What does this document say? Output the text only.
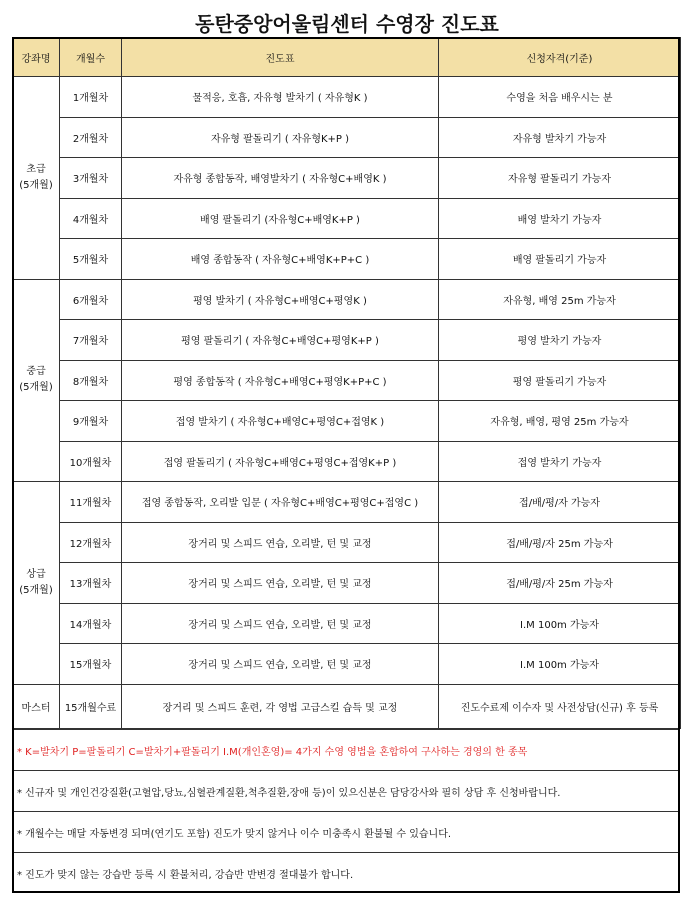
동탄중앙어울림센터 수영장 진도표
강좌명	개월수	진도표	신청자격(기준)

초급
(5개월)	1개월차	물적응, 호흡, 자유형 발차기 ( 자유형K )	수영을 처음 배우시는 분
	2개월차	자유형 팔돌리기 ( 자유형K+P )	자유형 발차기 가능자
	3개월차	자유형 종합동작, 배영발차기 ( 자유형C+배영K )	자유형 팔돌리기 가능자
	4개월차	배영 팔돌리기 (자유형C+배영K+P )	배영 발차기 가능자
	5개월차	배영 종합동작 ( 자유형C+배영K+P+C )	배영 팔돌리기 가능자

중급
(5개월)	6개월차	평영 발차기 ( 자유형C+배영C+평영K )	자유형, 배영 25m 가능자
	7개월차	평영 팔돌리기 ( 자유형C+배영C+평영K+P )	평영 발차기 가능자
	8개월차	평영 종합동작 ( 자유형C+배영C+평영K+P+C )	평영 팔돌리기 가능자
	9개월차	접영 발차기 ( 자유형C+배영C+평영C+접영K )	자유형, 배영, 평영 25m 가능자
	10개월차	접영 팔돌리기 ( 자유형C+배영C+평영C+접영K+P )	접영 발차기 가능자

상급
(5개월)	11개월차	접영 종합동작, 오리발 입문 ( 자유형C+배영C+평영C+접영C )	접/배/평/자 가능자
	12개월차	장거리 및 스피드 연습, 오리발, 턴 및 교정	접/배/평/자 25m 가능자
	13개월차	장거리 및 스피드 연습, 오리발, 턴 및 교정	접/배/평/자 25m 가능자
	14개월차	장거리 및 스피드 연습, 오리발, 턴 및 교정	I.M 100m 가능자
	15개월차	장거리 및 스피드 연습, 오리발, 턴 및 교정	I.M 100m 가능자
마스터	15개월수료	장거리 및 스피드 훈련, 각 영법 고급스킬 습득 및 교정	진도수료제 이수자 및 사전상담(신규) 후 등록
* K=발차기 P=팔돌리기 C=발차기+팔돌리기 I.M(개인혼영)= 4가지 수영 영법을 혼합하여 구사하는 경영의 한 종목
* 신규자 및 개인건강질환(고혈압,당뇨,심혈관계질환,척추질환,장애 등)이 있으신분은 담당강사와 필히 상담 후 신청바랍니다.
* 개월수는 매달 자동변경 되며(연기도 포함) 진도가 맞지 않거나 이수 미충족시 환불될 수 있습니다.
* 진도가 맞지 않는 강습반 등록 시 환불처리, 강습반 반변경 절대불가 합니다.
